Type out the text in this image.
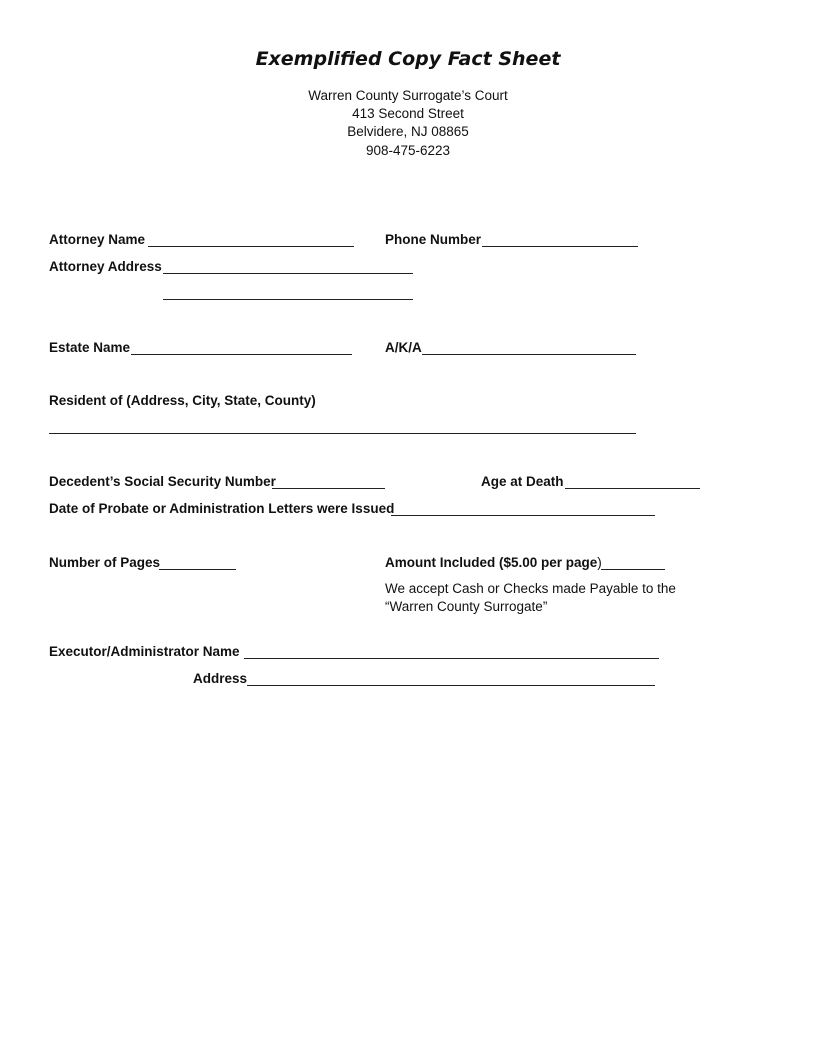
Exemplified Copy Fact Sheet
Warren County Surrogate’s Court
413 Second Street
Belvidere, NJ 08865
908-475-6223
Attorney Name	Phone Number
Attorney Address
Estate Name	A/K/A
Resident of (Address, City, State, County)
Decedent’s Social Security Number	Age at Death
Date of Probate or Administration Letters were Issued
Number of Pages	Amount Included ($5.00 per page)
We accept Cash or Checks made Payable to the
“Warren County Surrogate”
Executor/Administrator Name
Address
